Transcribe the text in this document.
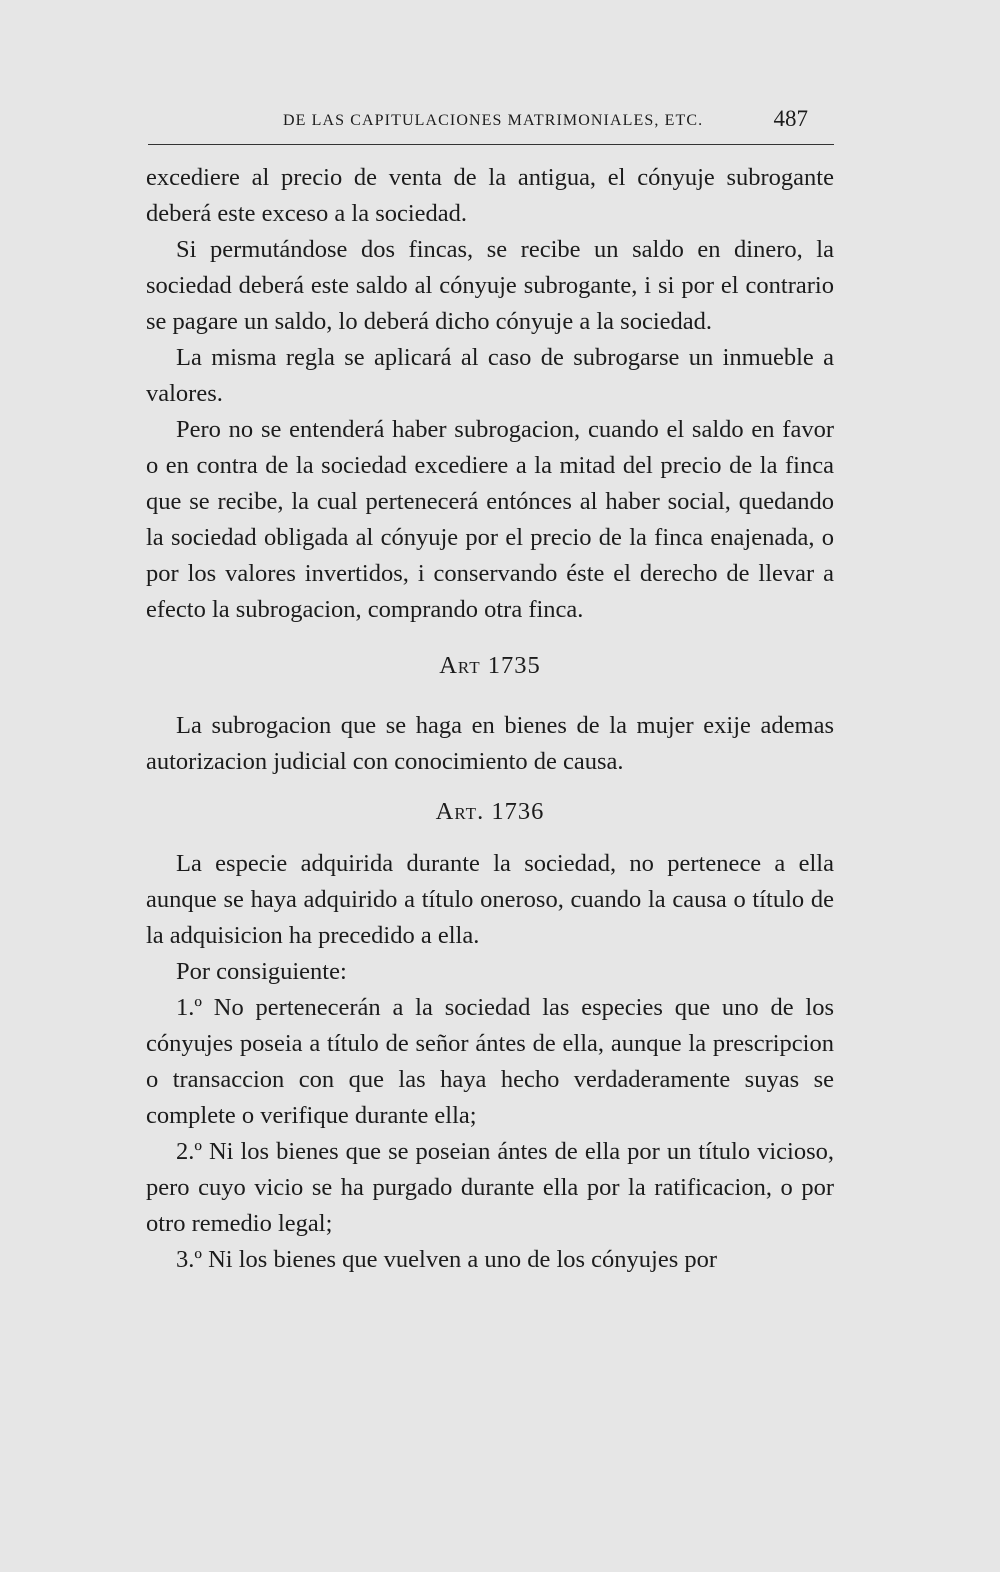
DE LAS CAPITULACIONES MATRIMONIALES, ETC.	487

excediere al precio de venta de la antigua, el cónyuje subrogante deberá este exceso a la sociedad.

Si permutándose dos fincas, se recibe un saldo en dinero, la sociedad deberá este saldo al cónyuje subrogante, i si por el contrario se pagare un saldo, lo deberá dicho cónyuje a la sociedad.

La misma regla se aplicará al caso de subrogarse un inmueble a valores.

Pero no se entenderá haber subrogacion, cuando el saldo en favor o en contra de la sociedad excediere a la mitad del precio de la finca que se recibe, la cual pertenecerá entónces al haber social, quedando la sociedad obligada al cónyuje por el precio de la finca enajenada, o por los valores invertidos, i conservando éste el derecho de llevar a efecto la subrogacion, comprando otra finca.

Art 1735

La subrogacion que se haga en bienes de la mujer exije ademas autorizacion judicial con conocimiento de causa.

Art. 1736

La especie adquirida durante la sociedad, no pertenece a ella aunque se haya adquirido a título oneroso, cuando la causa o título de la adquisicion ha precedido a ella.

Por consiguiente:

1.º No pertenecerán a la sociedad las especies que uno de los cónyujes poseia a título de señor ántes de ella, aunque la prescripcion o transaccion con que las haya hecho verdaderamente suyas se complete o verifique durante ella;

2.º Ni los bienes que se poseian ántes de ella por un título vicioso, pero cuyo vicio se ha purgado durante ella por la ratificacion, o por otro remedio legal;

3.º Ni los bienes que vuelven a uno de los cónyujes por
